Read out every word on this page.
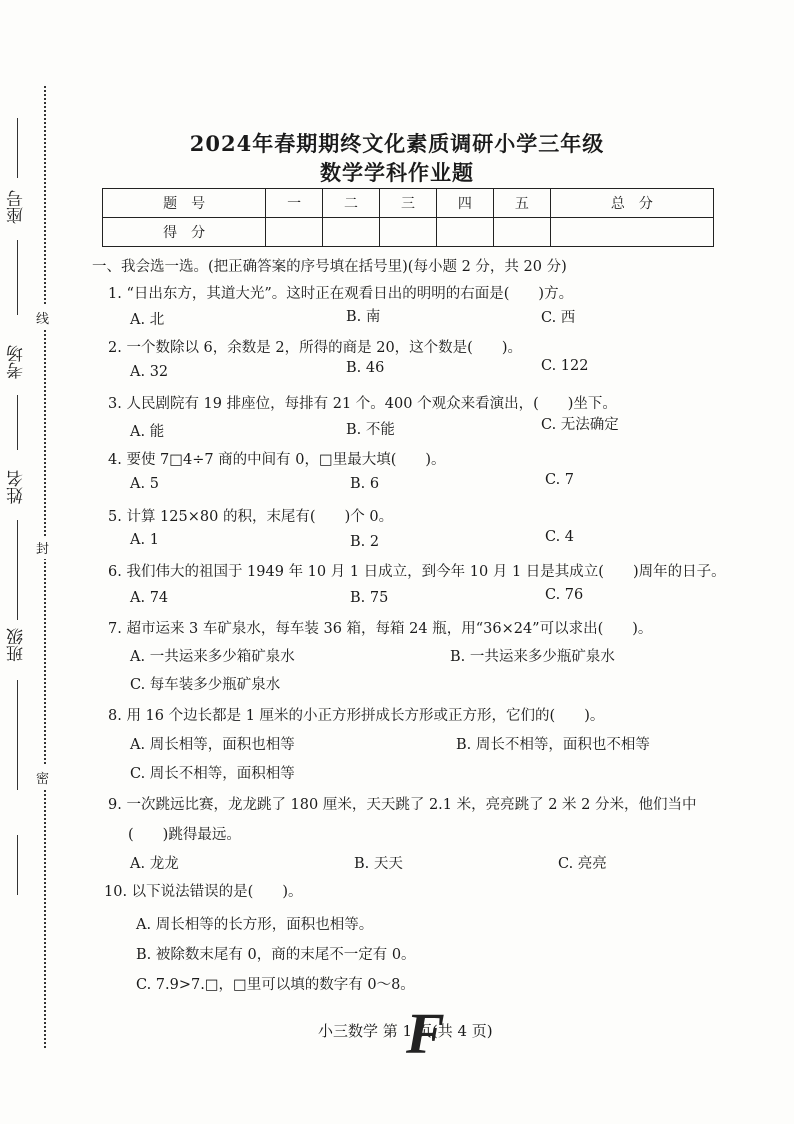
座号
考场
姓名
班级
线
封
密
2024年春期期终文化素质调研小学三年级
数学学科作业题
题　号	一	二	三	四	五	总　分
得　分						
一、我会选一选。(把正确答案的序号填在括号里)(每小题 2 分，共 20 分)
1. “日出东方，其道大光”。这时正在观看日出的明明的右面是(　　)方。
A. 北	B. 南	C. 西
2. 一个数除以 6，余数是 2，所得的商是 20，这个数是(　　)。
A. 32	B. 46	C. 122
3. 人民剧院有 19 排座位，每排有 21 个。400 个观众来看演出，(　　)坐下。
A. 能	B. 不能	C. 无法确定
4. 要使 7□4÷7 商的中间有 0，□里最大填(　　)。
A. 5	B. 6	C. 7
5. 计算 125×80 的积，末尾有(　　)个 0。
A. 1	B. 2	C. 4
6. 我们伟大的祖国于 1949 年 10 月 1 日成立，到今年 10 月 1 日是其成立(　　)周年的日子。
A. 74	B. 75	C. 76
7. 超市运来 3 车矿泉水，每车装 36 箱，每箱 24 瓶，用“36×24”可以求出(　　)。
A. 一共运来多少箱矿泉水	B. 一共运来多少瓶矿泉水
C. 每车装多少瓶矿泉水
8. 用 16 个边长都是 1 厘米的小正方形拼成长方形或正方形，它们的(　　)。
A. 周长相等，面积也相等	B. 周长不相等，面积也不相等
C. 周长不相等，面积相等
9. 一次跳远比赛，龙龙跳了 180 厘米，天天跳了 2.1 米，亮亮跳了 2 米 2 分米，他们当中
(　　)跳得最远。
A. 龙龙	B. 天天	C. 亮亮
10. 以下说法错误的是(　　)。
A. 周长相等的长方形，面积也相等。
B. 被除数末尾有 0，商的末尾不一定有 0。
C. 7.9>7.□，□里可以填的数字有 0～8。
小三数学 第 1 页(共 4 页)
F
